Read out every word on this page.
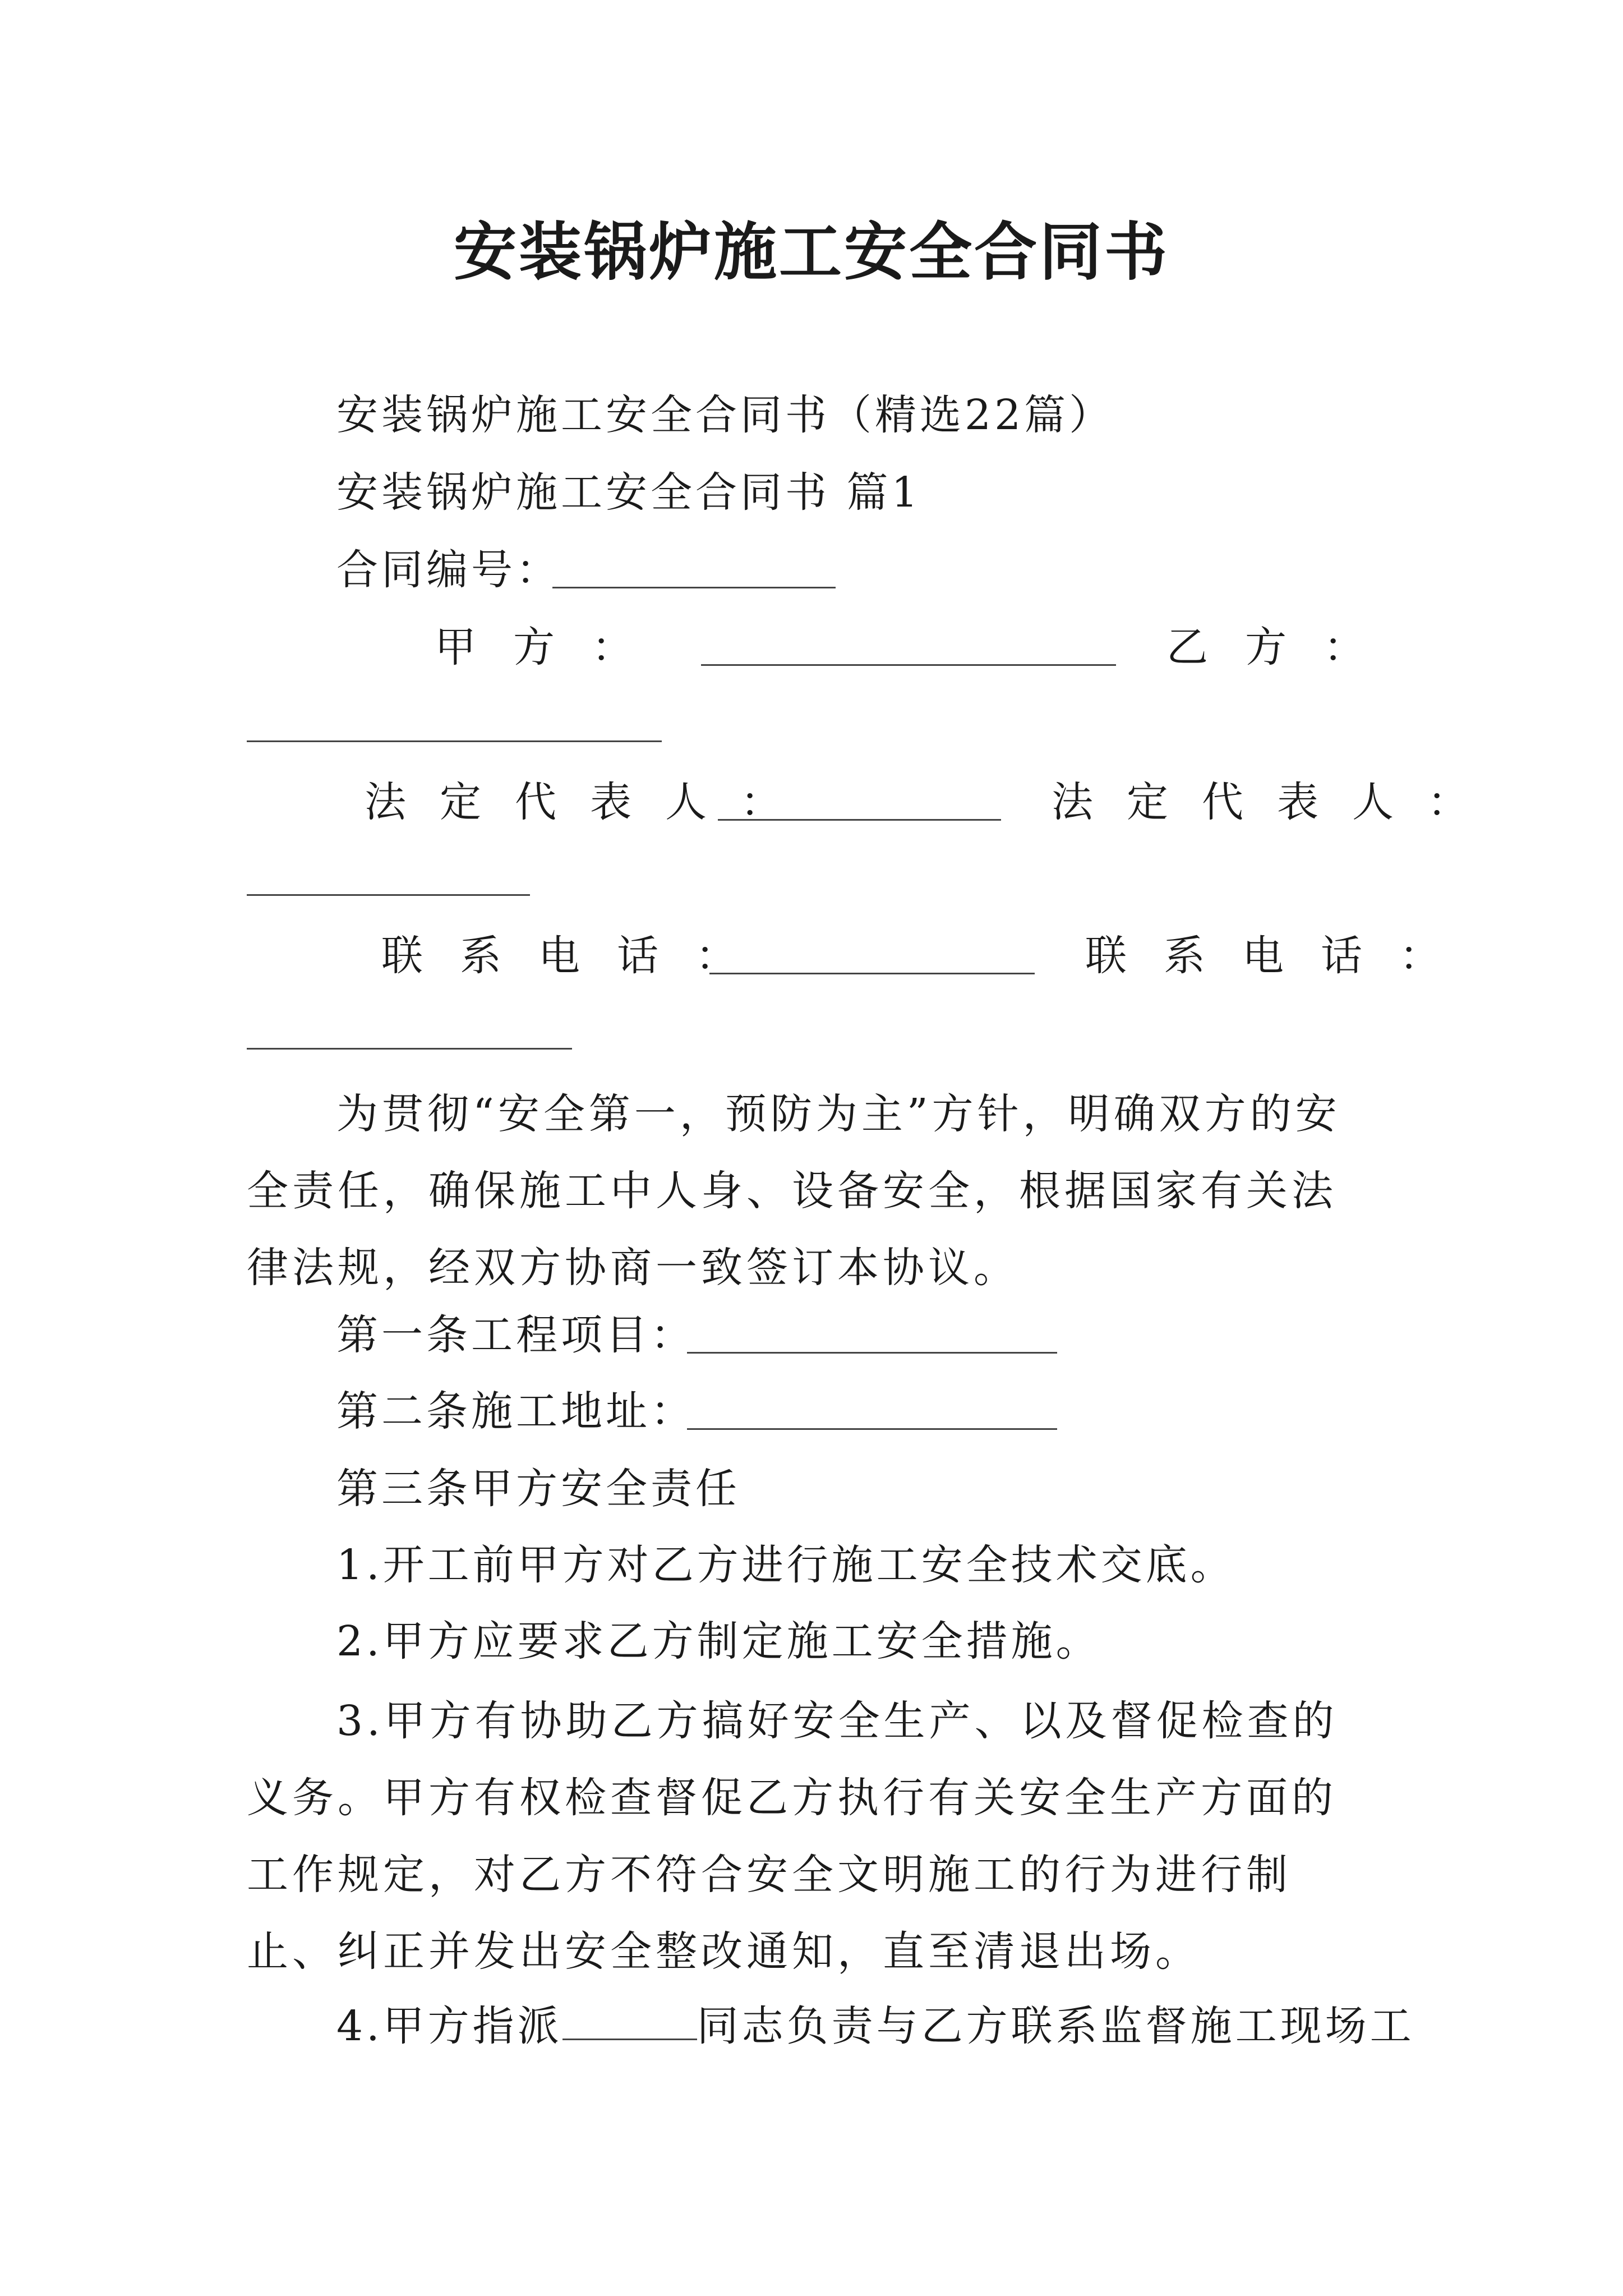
安装锅炉施工安全合同书
安装锅炉施工安全合同书（精选22篇）
安装锅炉施工安全合同书 篇1
合同编号：
甲方：	乙方：
法定代表人：	法定代表人：
联系电话：	联系电话：

为贯彻“安全第一，预防为主”方针，明确双方的安全责任，确保施工中人身、设备安全，根据国家有关法律法规，经双方协商一致签订本协议。

第一条工程项目：
第二条施工地址：
第三条甲方安全责任
1.开工前甲方对乙方进行施工安全技术交底。
2.甲方应要求乙方制定施工安全措施。

3.甲方有协助乙方搞好安全生产、以及督促检查的义务。甲方有权检查督促乙方执行有关安全生产方面的工作规定，对乙方不符合安全文明施工的行为进行制止、纠正并发出安全整改通知，直至清退出场。

4.甲方指派	同志负责与乙方联系监督施工现场工
